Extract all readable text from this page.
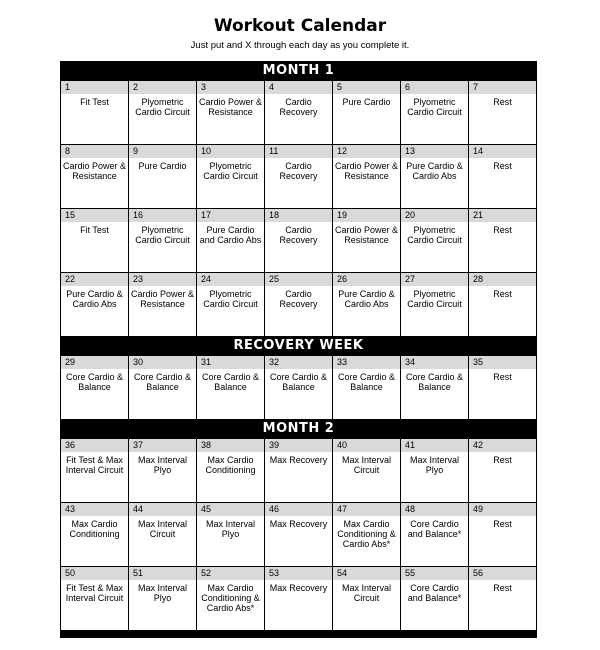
Workout Calendar
Just put and X through each day as you complete it.
MONTH 1
1
Fit Test
2
Plyometric Cardio Circuit
3
Cardio Power & Resistance
4
Cardio Recovery
5
Pure Cardio
6
Plyometric Cardio Circuit
7
Rest
8
Cardio Power & Resistance
9
Pure Cardio
10
Plyometric Cardio Circuit
11
Cardio Recovery
12
Cardio Power & Resistance
13
Pure Cardio & Cardio Abs
14
Rest
15
Fit Test
16
Plyometric Cardio Circuit
17
Pure Cardio and Cardio Abs
18
Cardio Recovery
19
Cardio Power & Resistance
20
Plyometric Cardio Circuit
21
Rest
22
Pure Cardio & Cardio Abs
23
Cardio Power & Resistance
24
Plyometric Cardio Circuit
25
Cardio Recovery
26
Pure Cardio & Cardio Abs
27
Plyometric Cardio Circuit
28
Rest
RECOVERY WEEK
29
Core Cardio & Balance
30
Core Cardio & Balance
31
Core Cardio & Balance
32
Core Cardio & Balance
33
Core Cardio & Balance
34
Core Cardio & Balance
35
Rest
MONTH 2
36
Fit Test & Max Interval Circuit
37
Max Interval Plyo
38
Max Cardio Conditioning
39
Max Recovery
40
Max Interval Circuit
41
Max Interval Plyo
42
Rest
43
Max Cardio Conditioning
44
Max Interval Circuit
45
Max Interval Plyo
46
Max Recovery
47
Max Cardio Conditioning & Cardio Abs*
48
Core Cardio and Balance*
49
Rest
50
Fit Test & Max Interval Circuit
51
Max Interval Plyo
52
Max Cardio Conditioning & Cardio Abs*
53
Max Recovery
54
Max Interval Circuit
55
Core Cardio and Balance*
56
Rest
